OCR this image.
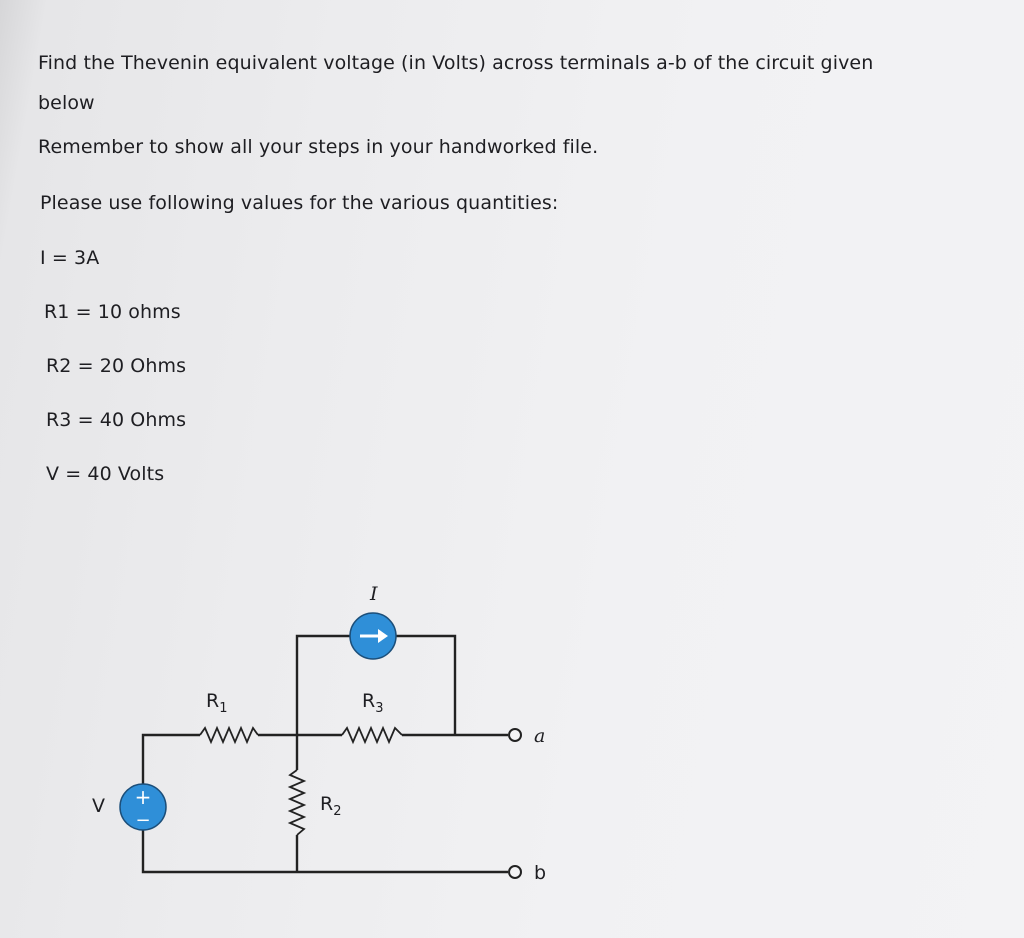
Find the Thevenin equivalent voltage (in Volts) across terminals a-b of the circuit given
below
Remember to show all your steps in your handworked file.
Please use following values for the various quantities:
I = 3A
R1 = 10 ohms
R2 = 20 Ohms
R3 = 40 Ohms
V = 40 Volts
+
−
I
$R_1$	$R_3$
$R_2$
V
a
b
